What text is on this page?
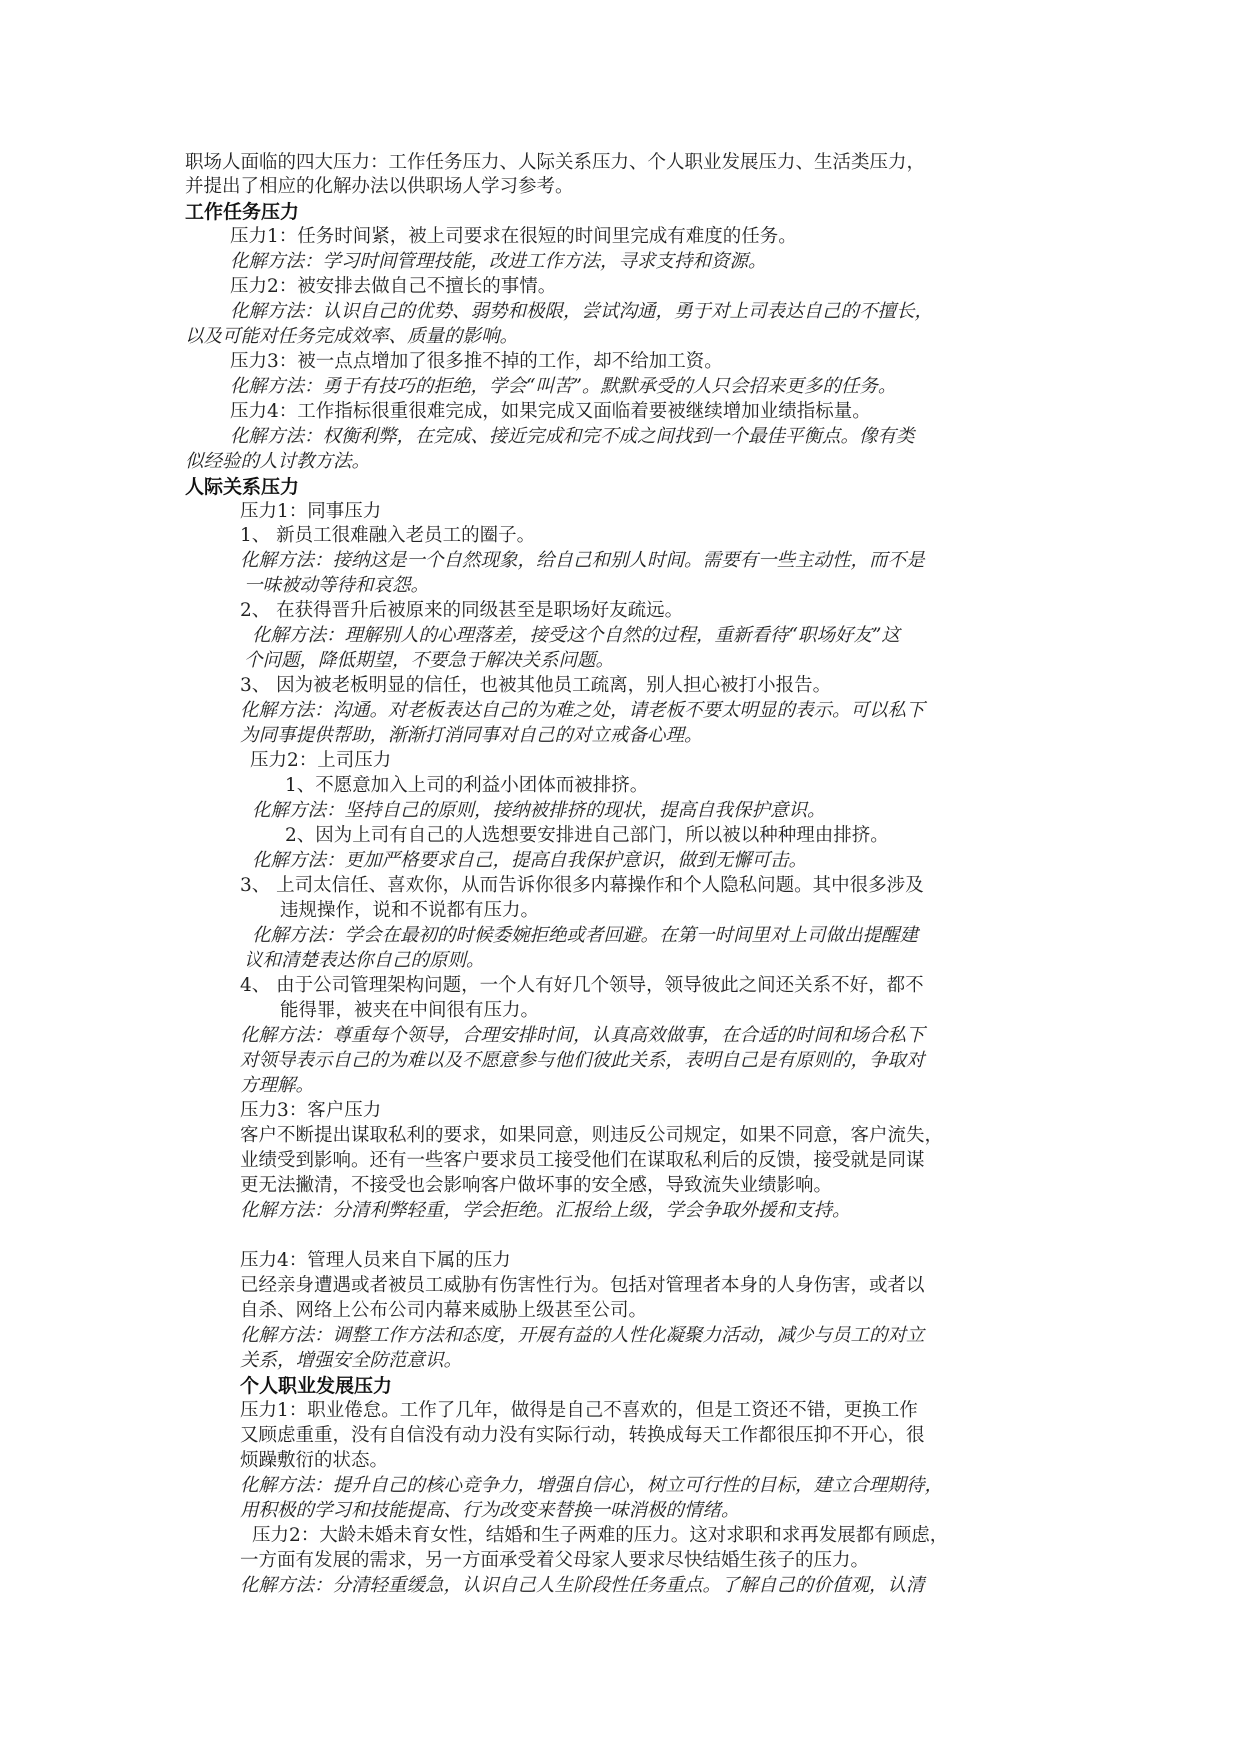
职场人面临的四大压力：工作任务压力、人际关系压力、个人职业发展压力、生活类压力，
并提出了相应的化解办法以供职场人学习参考。
工作任务压力
压力1：任务时间紧，被上司要求在很短的时间里完成有难度的任务。
化解方法：学习时间管理技能，改进工作方法，寻求支持和资源。
压力2：被安排去做自己不擅长的事情。
化解方法：认识自己的优势、弱势和极限，尝试沟通，勇于对上司表达自己的不擅长，
以及可能对任务完成效率、质量的影响。
压力3：被一点点增加了很多推不掉的工作，却不给加工资。
化解方法：勇于有技巧的拒绝，学会“叫苦”。默默承受的人只会招来更多的任务。
压力4：工作指标很重很难完成，如果完成又面临着要被继续增加业绩指标量。
化解方法：权衡利弊，在完成、接近完成和完不成之间找到一个最佳平衡点。像有类
似经验的人讨教方法。
人际关系压力
压力1：同事压力
1、 新员工很难融入老员工的圈子。
化解方法：接纳这是一个自然现象，给自己和别人时间。需要有一些主动性，而不是
一味被动等待和哀怨。
2、 在获得晋升后被原来的同级甚至是职场好友疏远。
化解方法：理解别人的心理落差，接受这个自然的过程，重新看待“职场好友”这
个问题，降低期望，不要急于解决关系问题。
3、 因为被老板明显的信任，也被其他员工疏离，别人担心被打小报告。
化解方法：沟通。对老板表达自己的为难之处，请老板不要太明显的表示。可以私下
为同事提供帮助，渐渐打消同事对自己的对立戒备心理。
压力2：上司压力
1、不愿意加入上司的利益小团体而被排挤。
化解方法：坚持自己的原则，接纳被排挤的现状，提高自我保护意识。
2、因为上司有自己的人选想要安排进自己部门，所以被以种种理由排挤。
化解方法：更加严格要求自己，提高自我保护意识，做到无懈可击。
3、 上司太信任、喜欢你，从而告诉你很多内幕操作和个人隐私问题。其中很多涉及
违规操作，说和不说都有压力。
化解方法：学会在最初的时候委婉拒绝或者回避。在第一时间里对上司做出提醒建
议和清楚表达你自己的原则。
4、 由于公司管理架构问题，一个人有好几个领导，领导彼此之间还关系不好，都不
能得罪，被夹在中间很有压力。
化解方法：尊重每个领导，合理安排时间，认真高效做事，在合适的时间和场合私下
对领导表示自己的为难以及不愿意参与他们彼此关系，表明自己是有原则的，争取对
方理解。
压力3：客户压力
客户不断提出谋取私利的要求，如果同意，则违反公司规定，如果不同意，客户流失，
业绩受到影响。还有一些客户要求员工接受他们在谋取私利后的反馈，接受就是同谋
更无法撇清，不接受也会影响客户做坏事的安全感，导致流失业绩影响。
化解方法：分清利弊轻重，学会拒绝。汇报给上级，学会争取外援和支持。
压力4：管理人员来自下属的压力
已经亲身遭遇或者被员工威胁有伤害性行为。包括对管理者本身的人身伤害，或者以
自杀、网络上公布公司内幕来威胁上级甚至公司。
化解方法：调整工作方法和态度，开展有益的人性化凝聚力活动，减少与员工的对立
关系，增强安全防范意识。
个人职业发展压力
压力1：职业倦怠。工作了几年，做得是自己不喜欢的，但是工资还不错，更换工作
又顾虑重重，没有自信没有动力没有实际行动，转换成每天工作都很压抑不开心，很
烦躁敷衍的状态。
化解方法：提升自己的核心竞争力，增强自信心，树立可行性的目标，建立合理期待，
用积极的学习和技能提高、行为改变来替换一味消极的情绪。
压力2：大龄未婚未育女性，结婚和生子两难的压力。这对求职和求再发展都有顾虑，
一方面有发展的需求，另一方面承受着父母家人要求尽快结婚生孩子的压力。
化解方法：分清轻重缓急，认识自己人生阶段性任务重点。了解自己的价值观，认清
